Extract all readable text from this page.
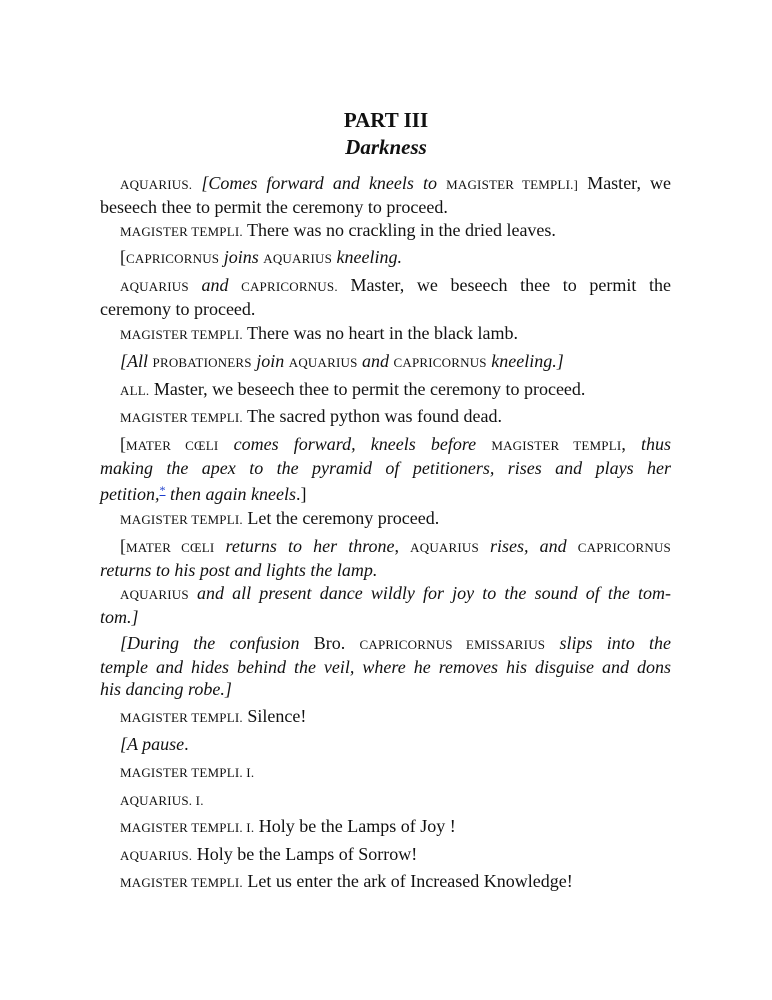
PART III
Darkness
AQUARIUS. [Comes forward and kneels to MAGISTER TEMPLI.] Master, we
beseech thee to permit the ceremony to proceed.
MAGISTER TEMPLI. There was no crackling in the dried leaves.
[CAPRICORNUS joins AQUARIUS kneeling.
AQUARIUS and CAPRICORNUS. Master, we beseech thee to permit the
ceremony to proceed.
MAGISTER TEMPLI. There was no heart in the black lamb.
[All PROBATIONERS join AQUARIUS and CAPRICORNUS kneeling.]
ALL. Master, we beseech thee to permit the ceremony to proceed.
MAGISTER TEMPLI. The sacred python was found dead.
[MATER CŒLI comes forward, kneels before MAGISTER TEMPLI, thus
making the apex to the pyramid of petitioners, rises and plays her
petition,* then again kneels.]
MAGISTER TEMPLI. Let the ceremony proceed.
[MATER CŒLI returns to her throne, AQUARIUS rises, and CAPRICORNUS
returns to his post and lights the lamp.
AQUARIUS and all present dance wildly for joy to the sound of the tom-
tom.]
[During the confusion Bro. CAPRICORNUS EMISSARIUS slips into the
temple and hides behind the veil, where he removes his disguise and dons
his dancing robe.]
MAGISTER TEMPLI. Silence!
[A pause.
MAGISTER TEMPLI. I.
AQUARIUS. I.
MAGISTER TEMPLI. I. Holy be the Lamps of Joy !
AQUARIUS. Holy be the Lamps of Sorrow!
MAGISTER TEMPLI. Let us enter the ark of Increased Knowledge!
